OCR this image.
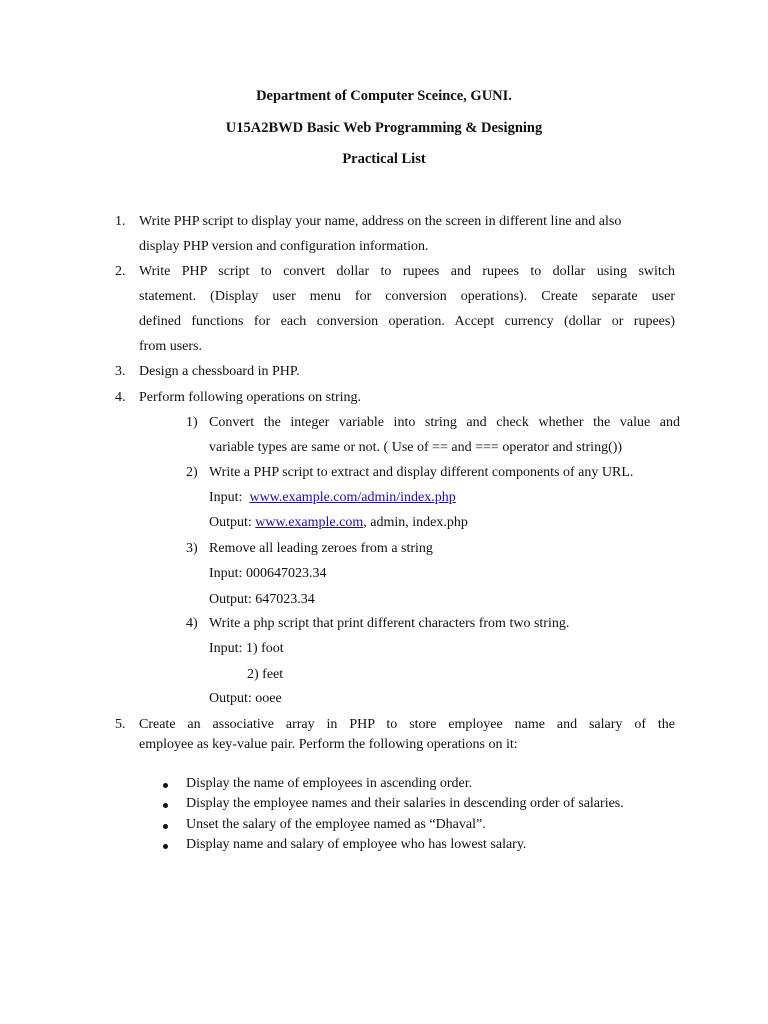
Department of Computer Sceince, GUNI.
U15A2BWD Basic Web Programming & Designing
Practical List
1. Write PHP script to display your name, address on the screen in different line and also
display PHP version and configuration information.
2. Write PHP script to convert dollar to rupees and rupees to dollar using switch
statement. (Display user menu for conversion operations). Create separate user
defined functions for each conversion operation. Accept currency (dollar or rupees)
from users.
3. Design a chessboard in PHP.
4. Perform following operations on string.
1) Convert the integer variable into string and check whether the value and
variable types are same or not. ( Use of == and === operator and string())
2) Write a PHP script to extract and display different components of any URL.
Input: www.example.com/admin/index.php
Output: www.example.com, admin, index.php
3) Remove all leading zeroes from a string
Input: 000647023.34
Output: 647023.34
4) Write a php script that print different characters from two string.
Input: 1) foot
2) feet
Output: ooee
5. Create an associative array in PHP to store employee name and salary of the
employee as key-value pair. Perform the following operations on it:
Display the name of employees in ascending order.
Display the employee names and their salaries in descending order of salaries.
Unset the salary of the employee named as “Dhaval”.
Display name and salary of employee who has lowest salary.
